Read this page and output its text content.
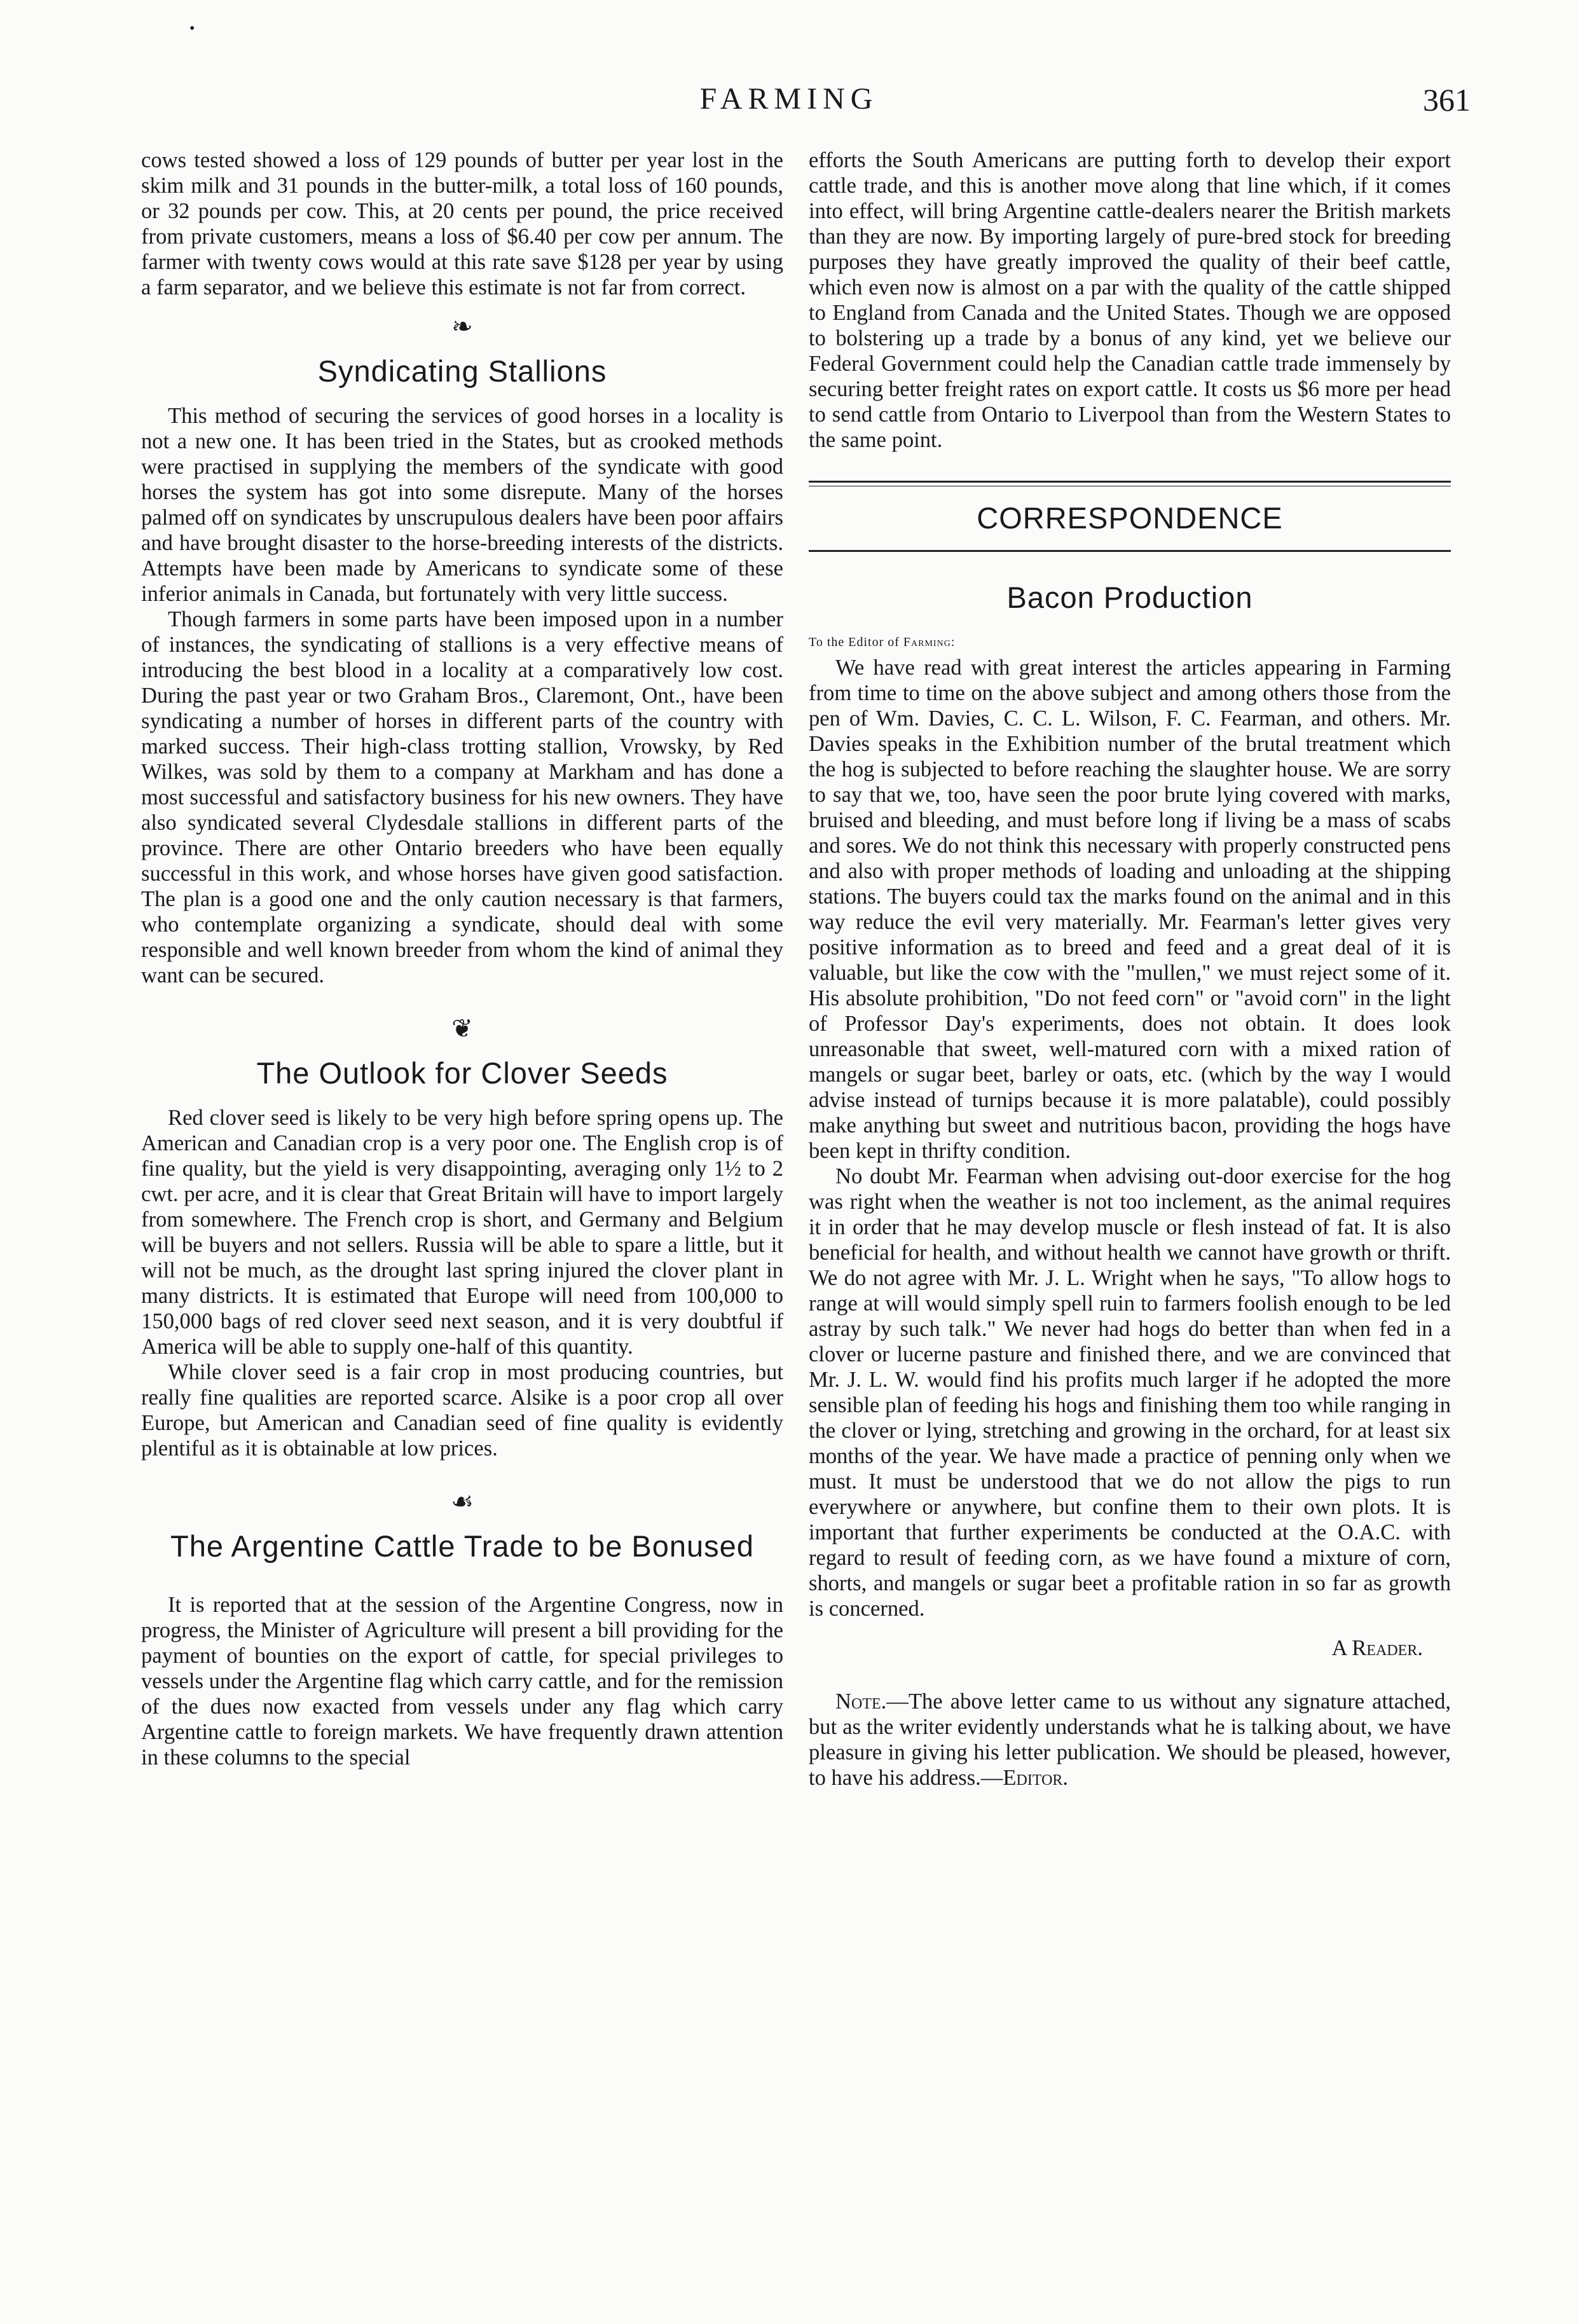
•
FARMING	361

cows tested showed a loss of 129 pounds of butter per year lost in the skim milk and 31 pounds in the butter-milk, a total loss of 160 pounds, or 32 pounds per cow. This, at 20 cents per pound, the price received from private customers, means a loss of $6.40 per cow per annum. The farmer with twenty cows would at this rate save $128 per year by using a farm separator, and we believe this estimate is not far from correct.

❧
Syndicating Stallions

This method of securing the services of good horses in a locality is not a new one. It has been tried in the States, but as crooked methods were practised in supplying the members of the syndicate with good horses the system has got into some disrepute. Many of the horses palmed off on syndicates by unscrupulous dealers have been poor affairs and have brought disaster to the horse-breeding interests of the districts. Attempts have been made by Americans to syndicate some of these inferior animals in Canada, but fortunately with very little success.

Though farmers in some parts have been imposed upon in a number of instances, the syndicating of stallions is a very effective means of introducing the best blood in a locality at a comparatively low cost. During the past year or two Graham Bros., Claremont, Ont., have been syndicating a number of horses in different parts of the country with marked success. Their high-class trotting stallion, Vrowsky, by Red Wilkes, was sold by them to a company at Markham and has done a most successful and satisfactory business for his new owners. They have also syndicated several Clydesdale stallions in different parts of the province. There are other Ontario breeders who have been equally successful in this work, and whose horses have given good satisfaction. The plan is a good one and the only caution necessary is that farmers, who contemplate organizing a syndicate, should deal with some responsible and well known breeder from whom the kind of animal they want can be secured.

❦
The Outlook for Clover Seeds

Red clover seed is likely to be very high before spring opens up. The American and Canadian crop is a very poor one. The English crop is of fine quality, but the yield is very disappointing, averaging only 1½ to 2 cwt. per acre, and it is clear that Great Britain will have to import largely from somewhere. The French crop is short, and Germany and Belgium will be buyers and not sellers. Russia will be able to spare a little, but it will not be much, as the drought last spring injured the clover plant in many districts. It is estimated that Europe will need from 100,000 to 150,000 bags of red clover seed next season, and it is very doubtful if America will be able to supply one-half of this quantity.

While clover seed is a fair crop in most producing countries, but really fine qualities are reported scarce. Alsike is a poor crop all over Europe, but American and Canadian seed of fine quality is evidently plentiful as it is obtainable at low prices.

☙
The Argentine Cattle Trade to be Bonused

It is reported that at the session of the Argentine Congress, now in progress, the Minister of Agriculture will present a bill providing for the payment of bounties on the export of cattle, for special privileges to vessels under the Argentine flag which carry cattle, and for the remission of the dues now exacted from vessels under any flag which carry Argentine cattle to foreign markets. We have frequently drawn attention in these columns to the special

efforts the South Americans are putting forth to develop their export cattle trade, and this is another move along that line which, if it comes into effect, will bring Argentine cattle-dealers nearer the British markets than they are now. By importing largely of pure-bred stock for breeding purposes they have greatly improved the quality of their beef cattle, which even now is almost on a par with the quality of the cattle shipped to England from Canada and the United States. Though we are opposed to bolstering up a trade by a bonus of any kind, yet we believe our Federal Government could help the Canadian cattle trade immensely by securing better freight rates on export cattle. It costs us $6 more per head to send cattle from Ontario to Liverpool than from the Western States to the same point.

CORRESPONDENCE
Bacon Production

To the Editor of Farming:

We have read with great interest the articles appearing in Farming from time to time on the above subject and among others those from the pen of Wm. Davies, C. C. L. Wilson, F. C. Fearman, and others. Mr. Davies speaks in the Exhibition number of the brutal treatment which the hog is subjected to before reaching the slaughter house. We are sorry to say that we, too, have seen the poor brute lying covered with marks, bruised and bleeding, and must before long if living be a mass of scabs and sores. We do not think this necessary with properly constructed pens and also with proper methods of loading and unloading at the shipping stations. The buyers could tax the marks found on the animal and in this way reduce the evil very materially. Mr. Fearman's letter gives very positive information as to breed and feed and a great deal of it is valuable, but like the cow with the "mullen," we must reject some of it. His absolute prohibition, "Do not feed corn" or "avoid corn" in the light of Professor Day's experiments, does not obtain. It does look unreasonable that sweet, well-matured corn with a mixed ration of mangels or sugar beet, barley or oats, etc. (which by the way I would advise instead of turnips because it is more palatable), could possibly make anything but sweet and nutritious bacon, providing the hogs have been kept in thrifty condition.

No doubt Mr. Fearman when advising out-door exercise for the hog was right when the weather is not too inclement, as the animal requires it in order that he may develop muscle or flesh instead of fat. It is also beneficial for health, and without health we cannot have growth or thrift. We do not agree with Mr. J. L. Wright when he says, "To allow hogs to range at will would simply spell ruin to farmers foolish enough to be led astray by such talk." We never had hogs do better than when fed in a clover or lucerne pasture and finished there, and we are convinced that Mr. J. L. W. would find his profits much larger if he adopted the more sensible plan of feeding his hogs and finishing them too while ranging in the clover or lying, stretching and growing in the orchard, for at least six months of the year. We have made a practice of penning only when we must. It must be understood that we do not allow the pigs to run everywhere or anywhere, but confine them to their own plots. It is important that further experiments be conducted at the O.A.C. with regard to result of feeding corn, as we have found a mixture of corn, shorts, and mangels or sugar beet a profitable ration in so far as growth is concerned.

A Reader.

Note.—The above letter came to us without any signature attached, but as the writer evidently understands what he is talking about, we have pleasure in giving his letter publication. We should be pleased, however, to have his address.—Editor.
